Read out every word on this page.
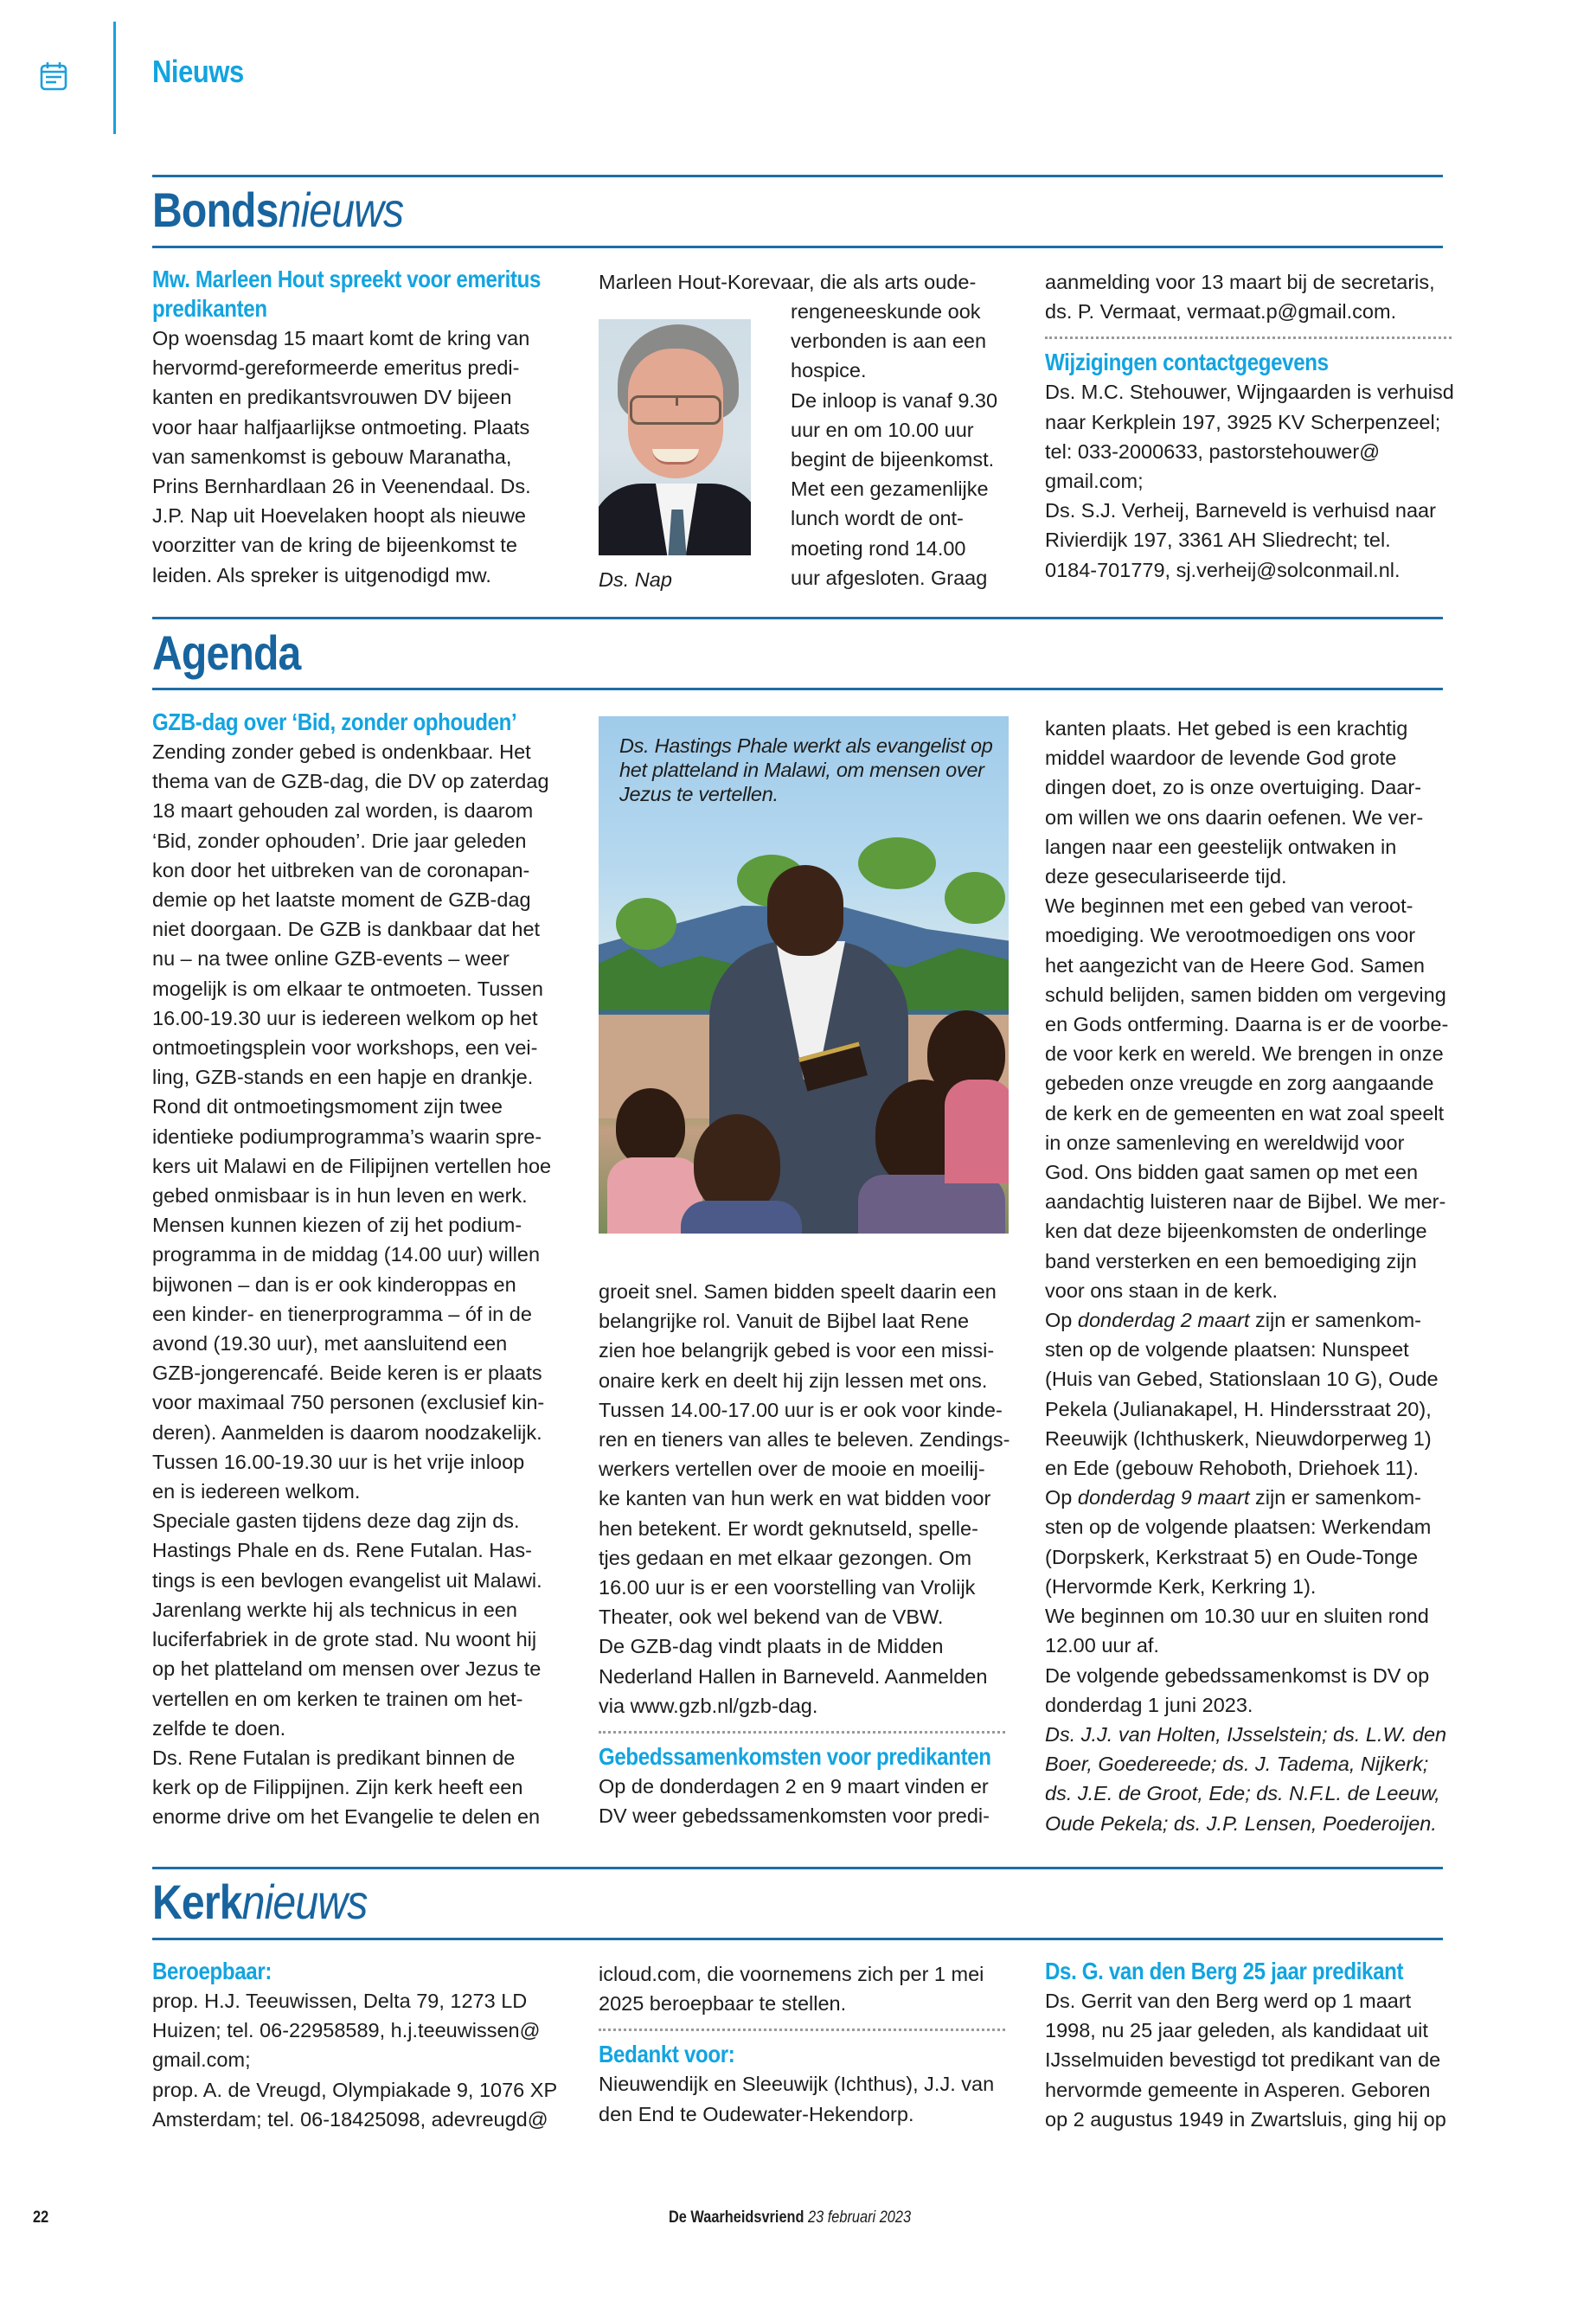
Nieuws
Bondsnieuws
Mw. Marleen Hout spreekt voor emeritus
predikanten
Op woensdag 15 maart komt de kring van
hervormd-gereformeerde emeritus predi-
kanten en predikantsvrouwen DV bijeen
voor haar halfjaarlijkse ontmoeting. Plaats
van samenkomst is gebouw Maranatha,
Prins Bernhardlaan 26 in Veenendaal. Ds.
J.P. Nap uit Hoevelaken hoopt als nieuwe
voorzitter van de kring de bijeenkomst te
leiden. Als spreker is uitgenodigd mw.
Marleen Hout-Korevaar, die als arts oude-
Ds. Nap
rengeneeskunde ook
verbonden is aan een
hospice.
De inloop is vanaf 9.30
uur en om 10.00 uur
begint de bijeenkomst.
Met een gezamenlijke
lunch wordt de ont-
moeting rond 14.00
uur afgesloten. Graag
aanmelding voor 13 maart bij de secretaris,
ds. P. Vermaat, vermaat.p@gmail.com.
Wijzigingen contactgegevens
Ds. M.C. Stehouwer, Wijngaarden is verhuisd
naar Kerkplein 197, 3925 KV Scherpenzeel;
tel: 033-2000633, pastorstehouwer@
gmail.com;
Ds. S.J. Verheij, Barneveld is verhuisd naar
Rivierdijk 197, 3361 AH Sliedrecht; tel.
0184-701779, sj.verheij@solconmail.nl.
Agenda
GZB-dag over ‘Bid, zonder ophouden’
Zending zonder gebed is ondenkbaar. Het
thema van de GZB-dag, die DV op zaterdag
18 maart gehouden zal worden, is daarom
‘Bid, zonder ophouden’. Drie jaar geleden
kon door het uitbreken van de coronapan-
demie op het laatste moment de GZB-dag
niet doorgaan. De GZB is dankbaar dat het
nu – na twee online GZB-events – weer
mogelijk is om elkaar te ontmoeten. Tussen
16.00-19.30 uur is iedereen welkom op het
ontmoetingsplein voor workshops, een vei-
ling, GZB-stands en een hapje en drankje.
Rond dit ontmoetingsmoment zijn twee
identieke podiumprogramma’s waarin spre-
kers uit Malawi en de Filipijnen vertellen hoe
gebed onmisbaar is in hun leven en werk.
Mensen kunnen kiezen of zij het podium-
programma in de middag (14.00 uur) willen
bijwonen – dan is er ook kinderoppas en
een kinder- en tienerprogramma – óf in de
avond (19.30 uur), met aansluitend een
GZB-jongerencafé. Beide keren is er plaats
voor maximaal 750 personen (exclusief kin-
deren). Aanmelden is daarom noodzakelijk.
Tussen 16.00-19.30 uur is het vrije inloop
en is iedereen welkom.
Speciale gasten tijdens deze dag zijn ds.
Hastings Phale en ds. Rene Futalan. Has-
tings is een bevlogen evangelist uit Malawi.
Jarenlang werkte hij als technicus in een
luciferfabriek in de grote stad. Nu woont hij
op het platteland om mensen over Jezus te
vertellen en om kerken te trainen om het-
zelfde te doen.
Ds. Rene Futalan is predikant binnen de
kerk op de Filippijnen. Zijn kerk heeft een
enorme drive om het Evangelie te delen en
Ds. Hastings Phale werkt als evangelist op het platteland in Malawi, om mensen over Jezus te vertellen.
groeit snel. Samen bidden speelt daarin een
belangrijke rol. Vanuit de Bijbel laat Rene
zien hoe belangrijk gebed is voor een missi-
onaire kerk en deelt hij zijn lessen met ons.
Tussen 14.00-17.00 uur is er ook voor kinde-
ren en tieners van alles te beleven. Zendings-
werkers vertellen over de mooie en moeilij-
ke kanten van hun werk en wat bidden voor
hen betekent. Er wordt geknutseld, spelle-
tjes gedaan en met elkaar gezongen. Om
16.00 uur is er een voorstelling van Vrolijk
Theater, ook wel bekend van de VBW.
De GZB-dag vindt plaats in de Midden
Nederland Hallen in Barneveld. Aanmelden
via www.gzb.nl/gzb-dag.
Gebedssamenkomsten voor predikanten
Op de donderdagen 2 en 9 maart vinden er
DV weer gebedssamenkomsten voor predi-
kanten plaats. Het gebed is een krachtig
middel waardoor de levende God grote
dingen doet, zo is onze overtuiging. Daar-
om willen we ons daarin oefenen. We ver-
langen naar een geestelijk ontwaken in
deze geseculariseerde tijd.
We beginnen met een gebed van veroot-
moediging. We verootmoedigen ons voor
het aangezicht van de Heere God. Samen
schuld belijden, samen bidden om vergeving
en Gods ontferming. Daarna is er de voorbe-
de voor kerk en wereld. We brengen in onze
gebeden onze vreugde en zorg aangaande
de kerk en de gemeenten en wat zoal speelt
in onze samenleving en wereldwijd voor
God. Ons bidden gaat samen op met een
aandachtig luisteren naar de Bijbel. We mer-
ken dat deze bijeenkomsten de onderlinge
band versterken en een bemoediging zijn
voor ons staan in de kerk.
Op donderdag 2 maart zijn er samenkom-
sten op de volgende plaatsen: Nunspeet
(Huis van Gebed, Stationslaan 10 G), Oude
Pekela (Julianakapel, H. Hindersstraat 20),
Reeuwijk (Ichthuskerk, Nieuwdorperweg 1)
en Ede (gebouw Rehoboth, Driehoek 11).
Op donderdag 9 maart zijn er samenkom-
sten op de volgende plaatsen: Werkendam
(Dorpskerk, Kerkstraat 5) en Oude-Tonge
(Hervormde Kerk, Kerkring 1).
We beginnen om 10.30 uur en sluiten rond
12.00 uur af.
De volgende gebedssamenkomst is DV op
donderdag 1 juni 2023.
Ds. J.J. van Holten, IJsselstein; ds. L.W. den
Boer, Goedereede; ds. J. Tadema, Nijkerk;
ds. J.E. de Groot, Ede; ds. N.F.L. de Leeuw,
Oude Pekela; ds. J.P. Lensen, Poederoijen.
Kerknieuws
Beroepbaar:
prop. H.J. Teeuwissen, Delta 79, 1273 LD
Huizen; tel. 06-22958589, h.j.teeuwissen@
gmail.com;
prop. A. de Vreugd, Olympiakade 9, 1076 XP
Amsterdam; tel. 06-18425098, adevreugd@
icloud.com, die voornemens zich per 1 mei
2025 beroepbaar te stellen.
Bedankt voor:
Nieuwendijk en Sleeuwijk (Ichthus), J.J. van
den End te Oudewater-Hekendorp.
Ds. G. van den Berg 25 jaar predikant
Ds. Gerrit van den Berg werd op 1 maart
1998, nu 25 jaar geleden, als kandidaat uit
IJsselmuiden bevestigd tot predikant van de
hervormde gemeente in Asperen. Geboren
op 2 augustus 1949 in Zwartsluis, ging hij op
22	De Waarheidsvriend 23 februari 2023
